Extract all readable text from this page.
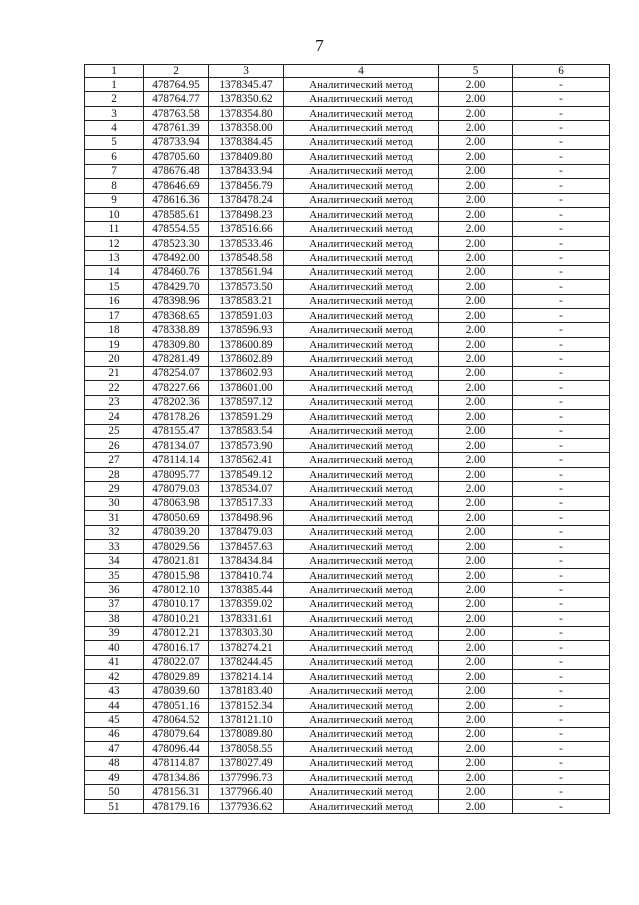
7
1	2	3	4	5	6
1	478764.95	1378345.47	Аналитический метод	2.00	-
2	478764.77	1378350.62	Аналитический метод	2.00	-
3	478763.58	1378354.80	Аналитический метод	2.00	-
4	478761.39	1378358.00	Аналитический метод	2.00	-
5	478733.94	1378384.45	Аналитический метод	2.00	-
6	478705.60	1378409.80	Аналитический метод	2.00	-
7	478676.48	1378433.94	Аналитический метод	2.00	-
8	478646.69	1378456.79	Аналитический метод	2.00	-
9	478616.36	1378478.24	Аналитический метод	2.00	-
10	478585.61	1378498.23	Аналитический метод	2.00	-
11	478554.55	1378516.66	Аналитический метод	2.00	-
12	478523.30	1378533.46	Аналитический метод	2.00	-
13	478492.00	1378548.58	Аналитический метод	2.00	-
14	478460.76	1378561.94	Аналитический метод	2.00	-
15	478429.70	1378573.50	Аналитический метод	2.00	-
16	478398.96	1378583.21	Аналитический метод	2.00	-
17	478368.65	1378591.03	Аналитический метод	2.00	-
18	478338.89	1378596.93	Аналитический метод	2.00	-
19	478309.80	1378600.89	Аналитический метод	2.00	-
20	478281.49	1378602.89	Аналитический метод	2.00	-
21	478254.07	1378602.93	Аналитический метод	2.00	-
22	478227.66	1378601.00	Аналитический метод	2.00	-
23	478202.36	1378597.12	Аналитический метод	2.00	-
24	478178.26	1378591.29	Аналитический метод	2.00	-
25	478155.47	1378583.54	Аналитический метод	2.00	-
26	478134.07	1378573.90	Аналитический метод	2.00	-
27	478114.14	1378562.41	Аналитический метод	2.00	-
28	478095.77	1378549.12	Аналитический метод	2.00	-
29	478079.03	1378534.07	Аналитический метод	2.00	-
30	478063.98	1378517.33	Аналитический метод	2.00	-
31	478050.69	1378498.96	Аналитический метод	2.00	-
32	478039.20	1378479.03	Аналитический метод	2.00	-
33	478029.56	1378457.63	Аналитический метод	2.00	-
34	478021.81	1378434.84	Аналитический метод	2.00	-
35	478015.98	1378410.74	Аналитический метод	2.00	-
36	478012.10	1378385.44	Аналитический метод	2.00	-
37	478010.17	1378359.02	Аналитический метод	2.00	-
38	478010.21	1378331.61	Аналитический метод	2.00	-
39	478012.21	1378303.30	Аналитический метод	2.00	-
40	478016.17	1378274.21	Аналитический метод	2.00	-
41	478022.07	1378244.45	Аналитический метод	2.00	-
42	478029.89	1378214.14	Аналитический метод	2.00	-
43	478039.60	1378183.40	Аналитический метод	2.00	-
44	478051.16	1378152.34	Аналитический метод	2.00	-
45	478064.52	1378121.10	Аналитический метод	2.00	-
46	478079.64	1378089.80	Аналитический метод	2.00	-
47	478096.44	1378058.55	Аналитический метод	2.00	-
48	478114.87	1378027.49	Аналитический метод	2.00	-
49	478134.86	1377996.73	Аналитический метод	2.00	-
50	478156.31	1377966.40	Аналитический метод	2.00	-
51	478179.16	1377936.62	Аналитический метод	2.00	-
